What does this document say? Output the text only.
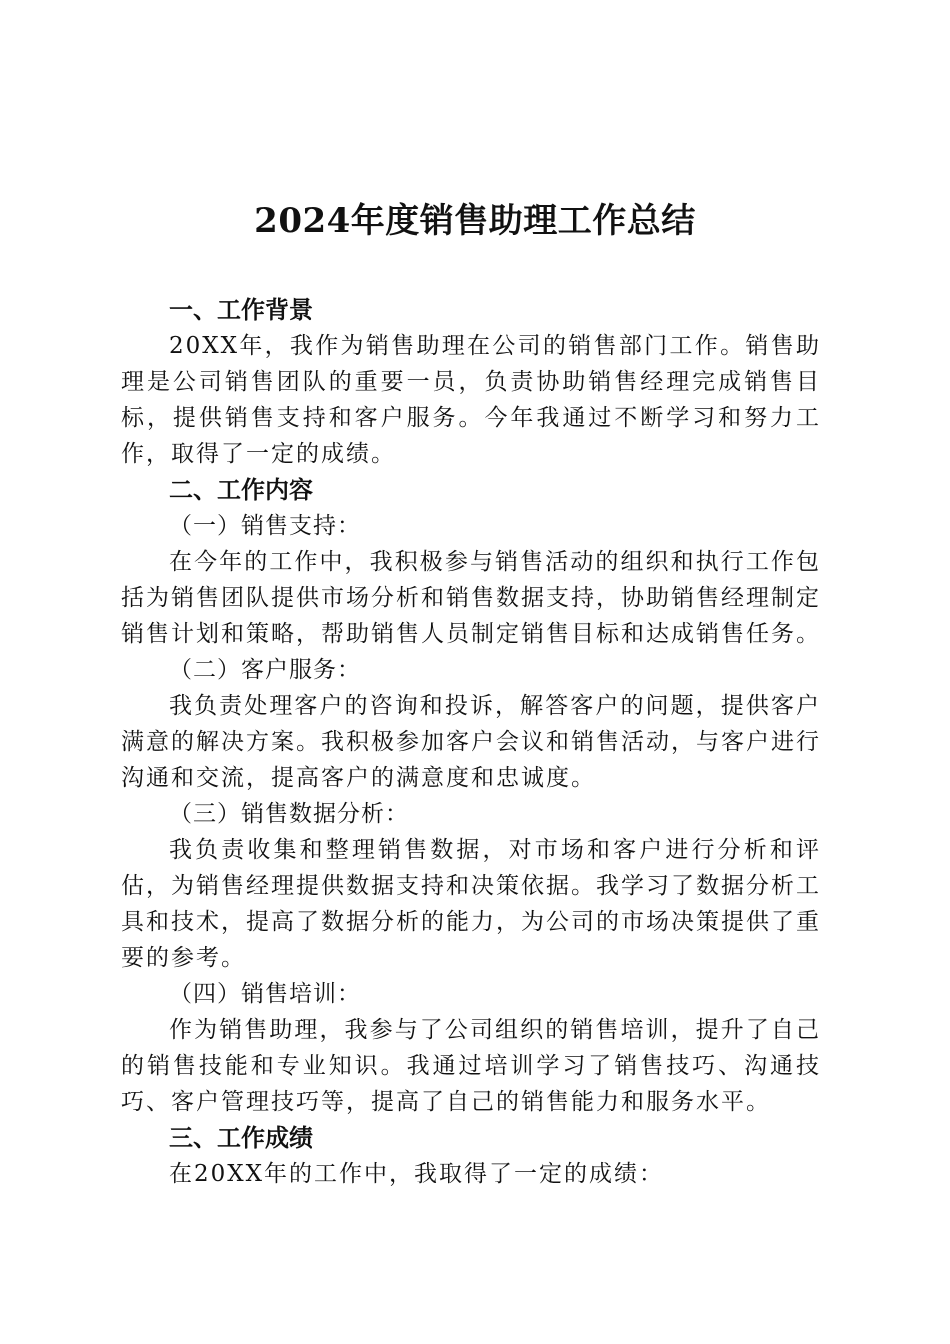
2024年度销售助理工作总结

一、工作背景

20XX年，我作为销售助理在公司的销售部门工作。销售助理是公司销售团队的重要一员，负责协助销售经理完成销售目标，提供销售支持和客户服务。今年我通过不断学习和努力工作，取得了一定的成绩。

二、工作内容

（一）销售支持：

在今年的工作中，我积极参与销售活动的组织和执行工作包括为销售团队提供市场分析和销售数据支持，协助销售经理制定销售计划和策略，帮助销售人员制定销售目标和达成销售任务。

（二）客户服务：

我负责处理客户的咨询和投诉，解答客户的问题，提供客户满意的解决方案。我积极参加客户会议和销售活动，与客户进行沟通和交流，提高客户的满意度和忠诚度。

（三）销售数据分析：

我负责收集和整理销售数据，对市场和客户进行分析和评估，为销售经理提供数据支持和决策依据。我学习了数据分析工具和技术，提高了数据分析的能力，为公司的市场决策提供了重要的参考。

（四）销售培训：

作为销售助理，我参与了公司组织的销售培训，提升了自己的销售技能和专业知识。我通过培训学习了销售技巧、沟通技巧、客户管理技巧等，提高了自己的销售能力和服务水平。

三、工作成绩

在20XX年的工作中，我取得了一定的成绩：
